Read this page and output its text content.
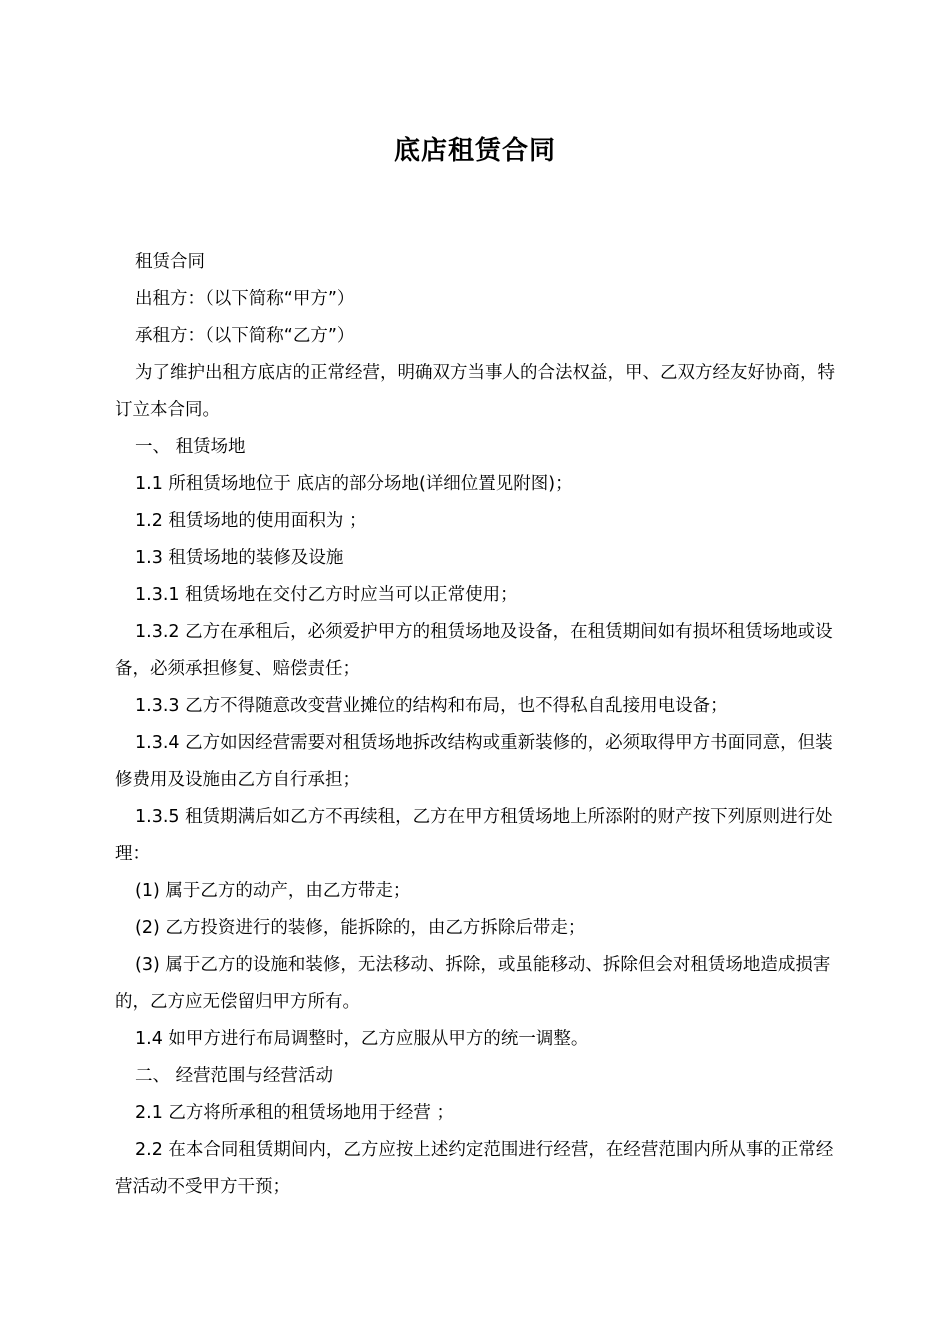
底店租赁合同

租赁合同

出租方：（以下简称“甲方”）

承租方：（以下简称“乙方”）

为了维护出租方底店的正常经营，明确双方当事人的合法权益，甲、乙双方经友好协商，特订立本合同。

一、 租赁场地

1.1 所租赁场地位于 底店的部分场地(详细位置见附图)；

1.2 租赁场地的使用面积为 ；

1.3 租赁场地的装修及设施

1.3.1 租赁场地在交付乙方时应当可以正常使用；

1.3.2 乙方在承租后，必须爱护甲方的租赁场地及设备，在租赁期间如有损坏租赁场地或设备，必须承担修复、赔偿责任；

1.3.3 乙方不得随意改变营业摊位的结构和布局，也不得私自乱接用电设备；

1.3.4 乙方如因经营需要对租赁场地拆改结构或重新装修的，必须取得甲方书面同意，但装修费用及设施由乙方自行承担；

1.3.5 租赁期满后如乙方不再续租，乙方在甲方租赁场地上所添附的财产按下列原则进行处理：

(1) 属于乙方的动产，由乙方带走；

(2) 乙方投资进行的装修，能拆除的，由乙方拆除后带走；

(3) 属于乙方的设施和装修，无法移动、拆除，或虽能移动、拆除但会对租赁场地造成损害的，乙方应无偿留归甲方所有。

1.4 如甲方进行布局调整时，乙方应服从甲方的统一调整。

二、 经营范围与经营活动

2.1 乙方将所承租的租赁场地用于经营 ；

2.2 在本合同租赁期间内，乙方应按上述约定范围进行经营，在经营范围内所从事的正常经营活动不受甲方干预；
